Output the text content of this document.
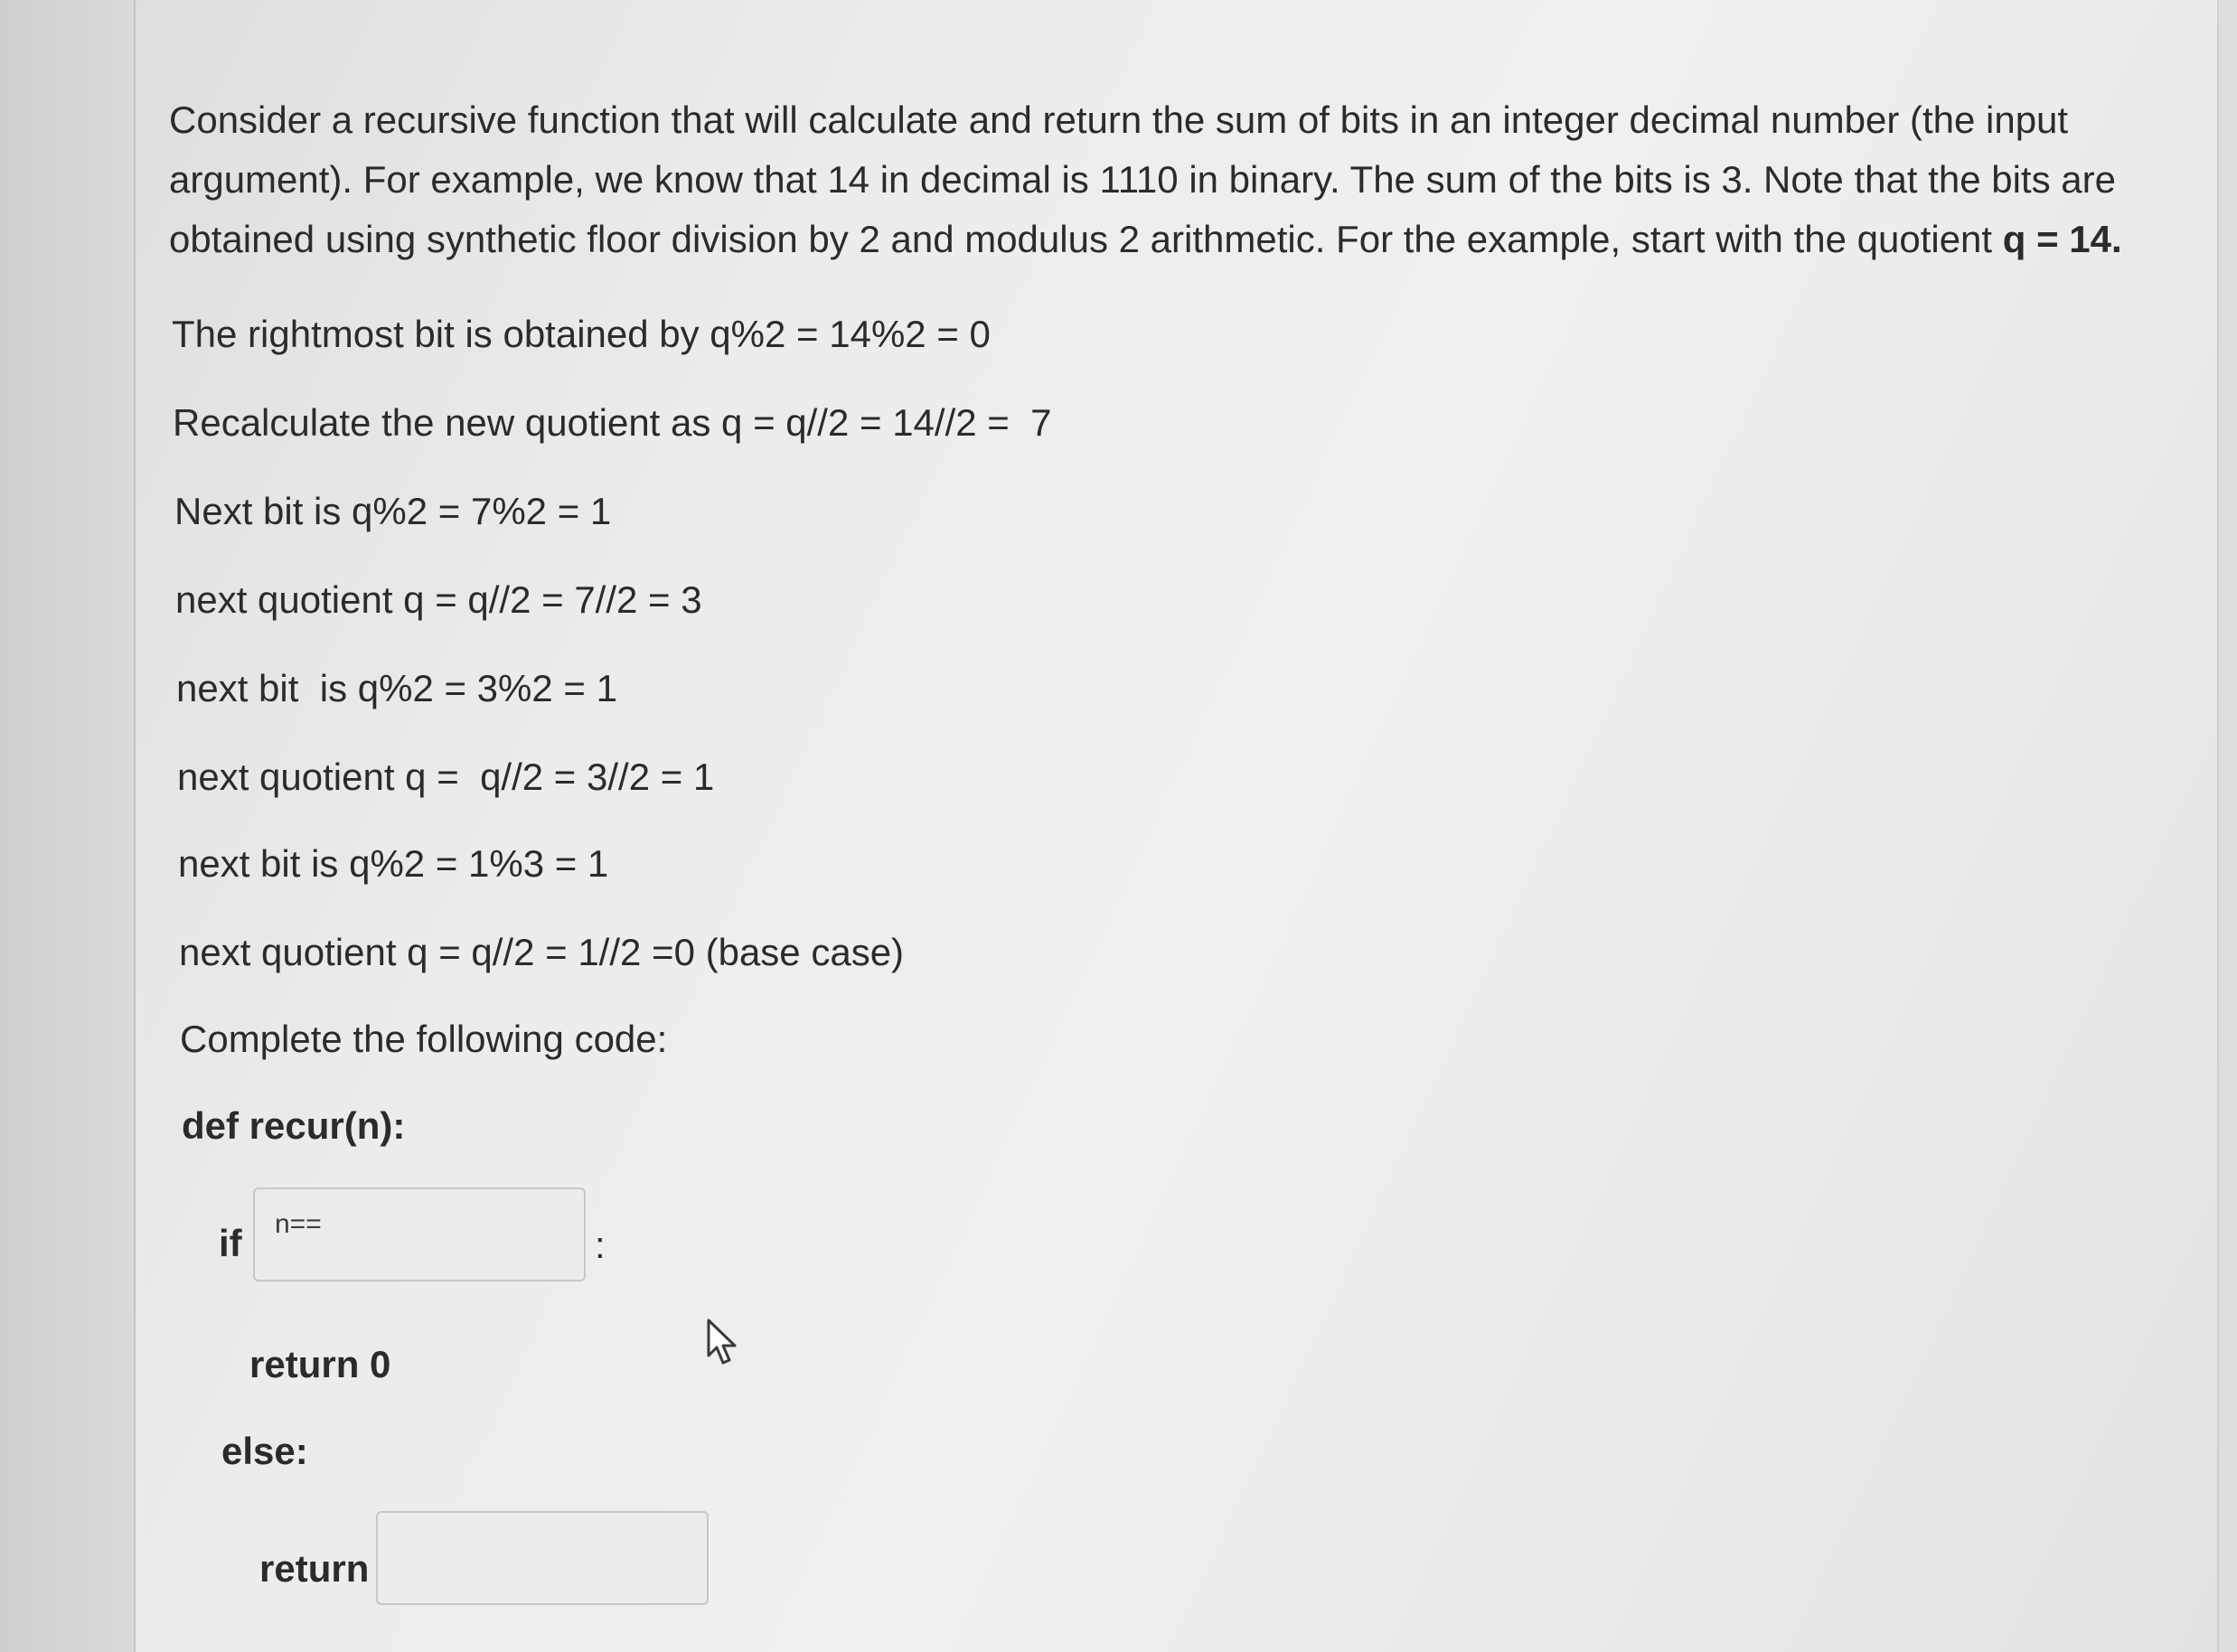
Consider a recursive function that will calculate and return the sum of bits in an integer decimal number (the input argument). For example, we know that 14 in decimal is 1110 in binary. The sum of the bits is 3. Note that the bits are obtained using synthetic floor division by 2 and modulus 2 arithmetic. For the example, start with the quotient q = 14.

The rightmost bit is obtained by q%2 = 14%2 = 0
Recalculate the new quotient as q = q//2 = 14//2 =  7
Next bit is q%2 = 7%2 = 1
next quotient q = q//2 = 7//2 = 3
next bit  is q%2 = 3%2 = 1
next quotient q =  q//2 = 3//2 = 1
next bit is q%2 = 1%3 = 1
next quotient q = q//2 = 1//2 =0 (base case)
Complete the following code:
def recur(n):
if n==	:
return 0
else:
return
